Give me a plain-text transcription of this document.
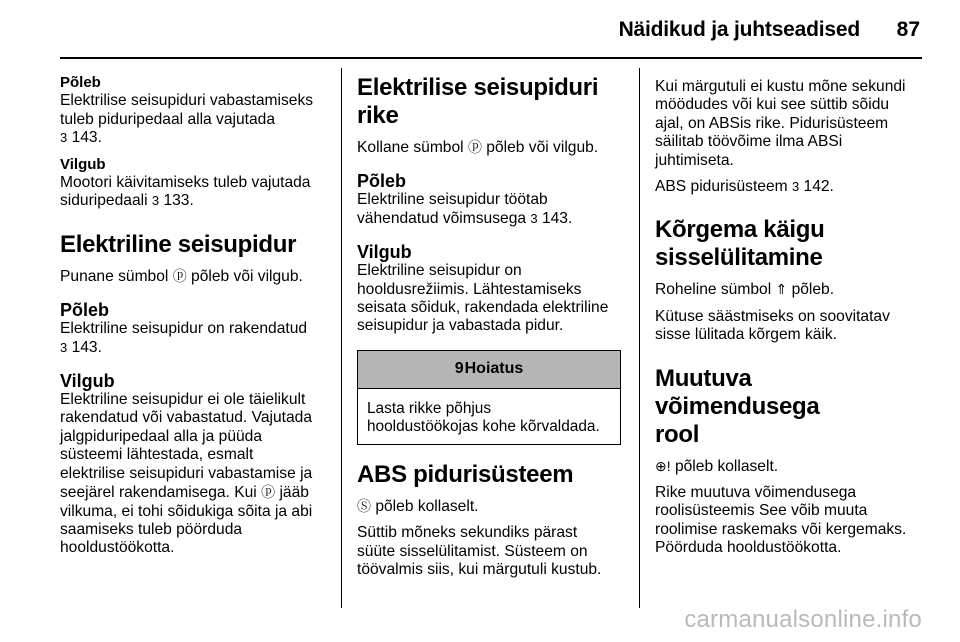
Näidikud ja juhtseadised 87
Põleb

Elektrilise seisupiduri vabastamiseks

tuleb piduripedaal alla vajutada

3 143.

Vilgub

Mootori käivitamiseks tuleb vajutada

siduripedaali 3 133.

Elektriline seisupidur

Punane sümbol ⓟ põleb või vilgub.

Põleb

Elektriline seisupidur on rakendatud

3 143.

Vilgub

Elektriline seisupidur ei ole täielikult

rakendatud või vabastatud. Vajutada

jalgpiduripedaal alla ja püüda

süsteemi lähtestada, esmalt

elektrilise seisupiduri vabastamise ja

seejärel rakendamisega. Kui ⓟ jääb

vilkuma, ei tohi sõidukiga sõita ja abi

saamiseks tuleb pöörduda

hooldustöökotta.

Elektrilise seisupiduri rike

Kollane sümbol ⓟ põleb või vilgub.

Põleb

Elektriline seisupidur töötab

vähendatud võimsusega 3 143.

Vilgub

Elektriline seisupidur on

hooldusrežiimis. Lähtestamiseks

seisata sõiduk, rakendada elektriline

seisupidur ja vabastada pidur.

9 Hoiatus

Lasta rikke põhjus

hooldustöökojas kohe kõrvaldada.

ABS pidurisüsteem

Ⓢ põleb kollaselt.

Süttib mõneks sekundiks pärast

süüte sisselülitamist. Süsteem on

töövalmis siis, kui märgutuli kustub.

Kui märgutuli ei kustu mõne sekundi

möödudes või kui see süttib sõidu

ajal, on ABSis rike. Pidurisüsteem

säilitab töövõime ilma ABSi

juhtimiseta.

ABS pidurisüsteem 3 142.

Kõrgema käigu
sisselülitamine

Roheline sümbol ⇑ põleb.

Kütuse säästmiseks on soovitatav

sisse lülitada kõrgem käik.

Muutuva võimendusega
rool

⊕! põleb kollaselt.

Rike muutuva võimendusega

roolisüsteemis See võib muuta

roolimise raskemaks või kergemaks.

Pöörduda hooldustöökotta.

carmanualsonline.info
